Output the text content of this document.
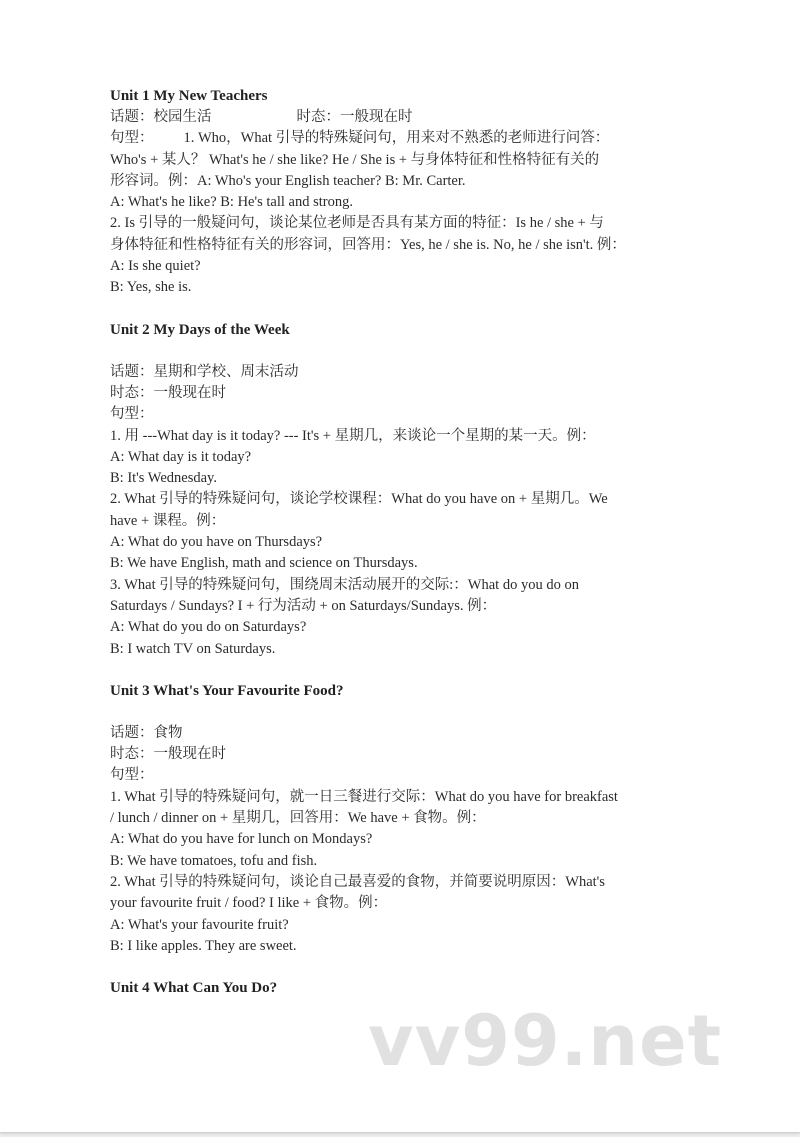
Unit 1 My New Teachers
话题：校园生活	时态：一般现在时
句型： 1. Who，What 引导的特殊疑问句，用来对不熟悉的老师进行问答：
Who's + 某人？ What's he / she like? He / She is + 与身体特征和性格特征有关的
形容词。例：A: Who's your English teacher? B: Mr. Carter.
A: What's he like? B: He's tall and strong.
2. Is 引导的一般疑问句，谈论某位老师是否具有某方面的特征：Is he / she + 与
身体特征和性格特征有关的形容词，回答用：Yes, he / she is. No, he / she isn't. 例：
A: Is she quiet?
B: Yes, she is.
Unit 2 My Days of the Week
话题：星期和学校、周末活动
时态：一般现在时
句型：
1. 用 ---What day is it today? --- It's + 星期几，来谈论一个星期的某一天。例：
A: What day is it today?
B: It's Wednesday.
2. What 引导的特殊疑问句，谈论学校课程：What do you have on + 星期几。We
have + 课程。例：
A: What do you have on Thursdays?
B: We have English, math and science on Thursdays.
3. What 引导的特殊疑问句，围绕周末活动展开的交际:：What do you do on
Saturdays / Sundays? I + 行为活动 + on Saturdays/Sundays. 例：
A: What do you do on Saturdays?
B: I watch TV on Saturdays.
Unit 3 What's Your Favourite Food?
话题：食物
时态：一般现在时
句型：
1. What 引导的特殊疑问句，就一日三餐进行交际：What do you have for breakfast
/ lunch / dinner on + 星期几，回答用：We have + 食物。例：
A: What do you have for lunch on Mondays?
B: We have tomatoes, tofu and fish.
2. What 引导的特殊疑问句，谈论自己最喜爱的食物，并简要说明原因：What's
your favourite fruit / food? I like + 食物。例：
A: What's your favourite fruit?
B: I like apples. They are sweet.
Unit 4 What Can You Do?
vv99.net
